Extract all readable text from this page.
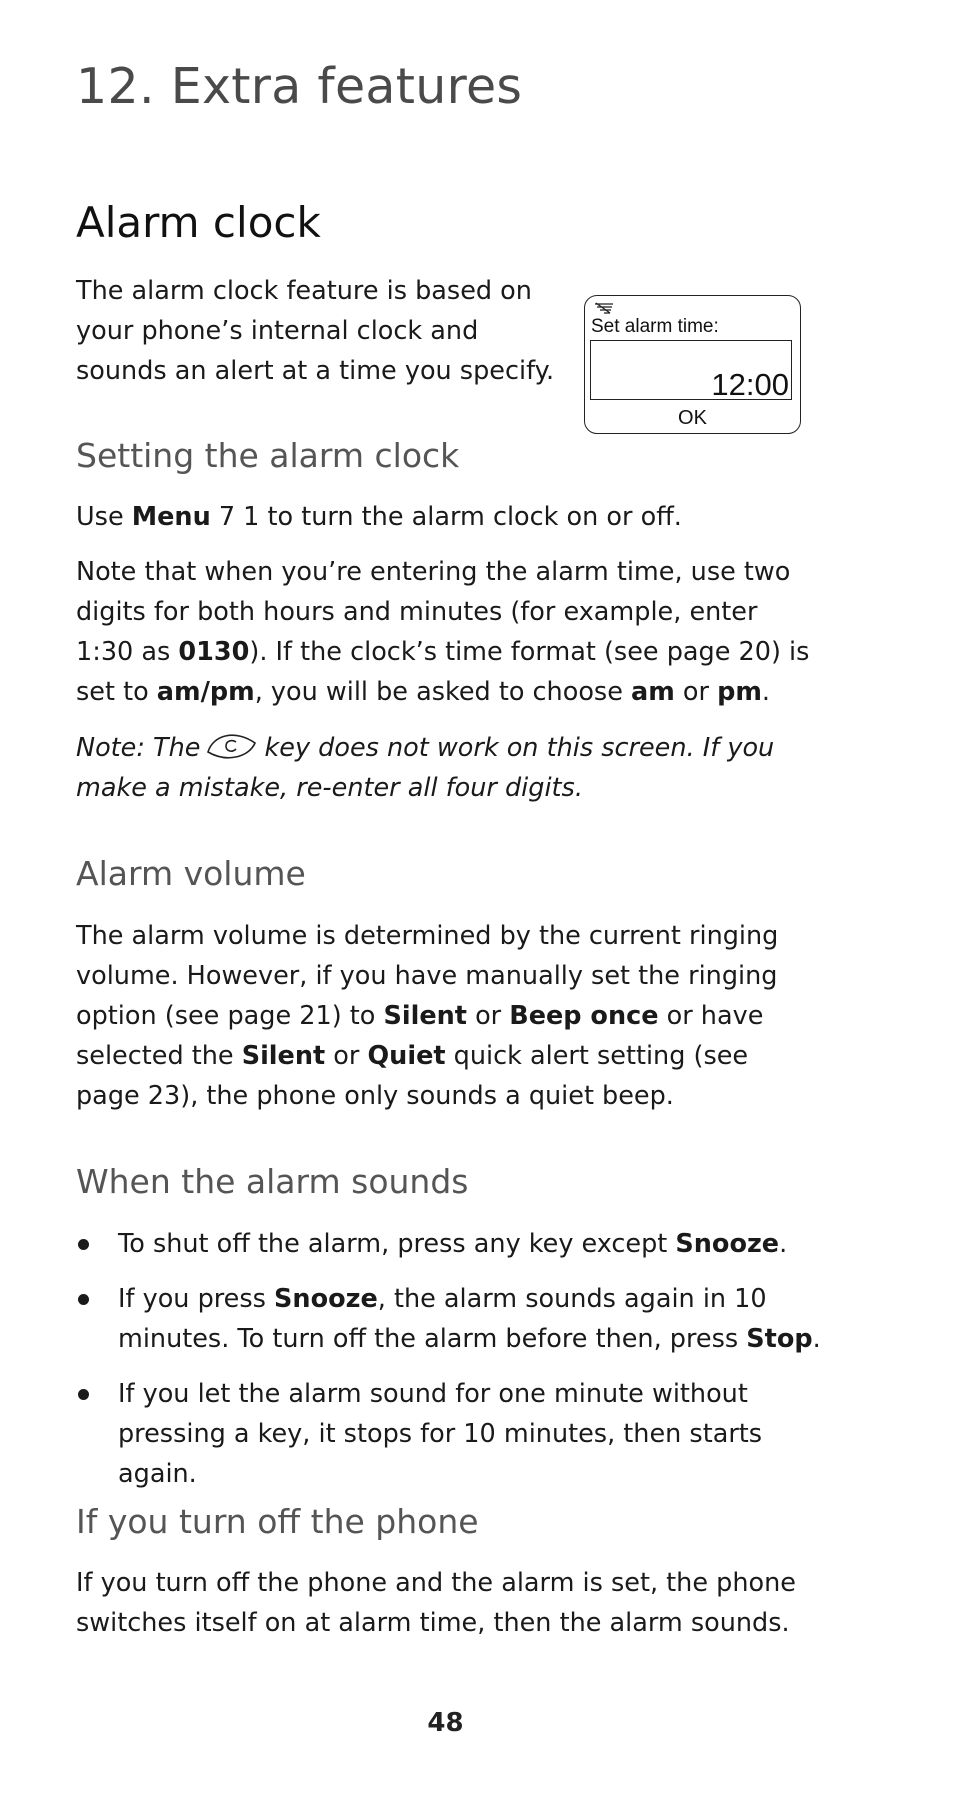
12. Extra features
Alarm clock

The alarm clock feature is based on your phone’s internal clock and sounds an alert at a time you specify.

Set alarm time:
12:00
OK
Setting the alarm clock

Use Menu 7 1 to turn the alarm clock on or off.

Note that when you’re entering the alarm time, use two digits for both hours and minutes (for example, enter 1:30 as 0130). If the clock’s time format (see page 20) is set to am/pm, you will be asked to choose am or pm.

Note: The	key does not work on this screen. If you make a mistake, re-enter all four digits.

Alarm volume

The alarm volume is determined by the current ringing volume. However, if you have manually set the ringing option (see page 21) to Silent or Beep once or have selected the Silent or Quiet quick alert setting (see page 23), the phone only sounds a quiet beep.

When the alarm sounds
To shut off the alarm, press any key except Snooze.
If you press Snooze, the alarm sounds again in 10 minutes. To turn off the alarm before then, press Stop.
If you let the alarm sound for one minute without pressing a key, it stops for 10 minutes, then starts again.
If you turn off the phone

If you turn off the phone and the alarm is set, the phone switches itself on at alarm time, then the alarm sounds.

48
